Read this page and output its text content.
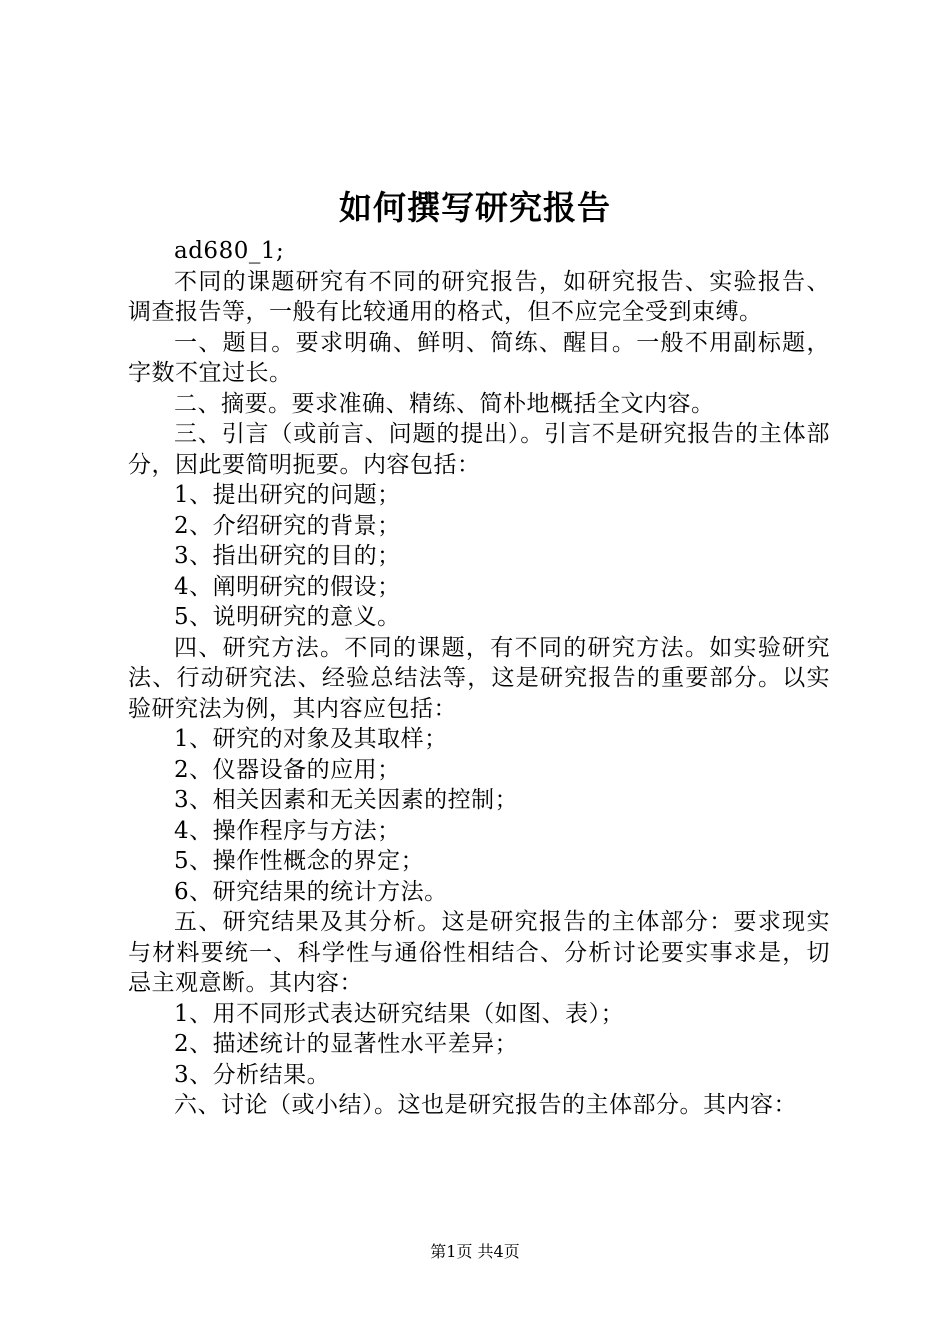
如何撰写研究报告

ad680_1;

不同的课题研究有不同的研究报告，如研究报告、实验报告、调查报告等，一般有比较通用的格式，但不应完全受到束缚。

一、题目。要求明确、鲜明、简练、醒目。一般不用副标题，字数不宜过长。

二、摘要。要求准确、精练、简朴地概括全文内容。

三、引言（或前言、问题的提出）。引言不是研究报告的主体部分，因此要简明扼要。内容包括：

1、提出研究的问题；

2、介绍研究的背景；

3、指出研究的目的；

4、阐明研究的假设；

5、说明研究的意义。

四、研究方法。不同的课题，有不同的研究方法。如实验研究法、行动研究法、经验总结法等，这是研究报告的重要部分。以实验研究法为例，其内容应包括：

1、研究的对象及其取样；

2、仪器设备的应用；

3、相关因素和无关因素的控制；

4、操作程序与方法；

5、操作性概念的界定；

6、研究结果的统计方法。

五、研究结果及其分析。这是研究报告的主体部分：要求现实与材料要统一、科学性与通俗性相结合、分析讨论要实事求是，切忌主观意断。其内容：

1、用不同形式表达研究结果（如图、表）；

2、描述统计的显著性水平差异；

3、分析结果。

六、讨论（或小结）。这也是研究报告的主体部分。其内容：

第1页 共4页
